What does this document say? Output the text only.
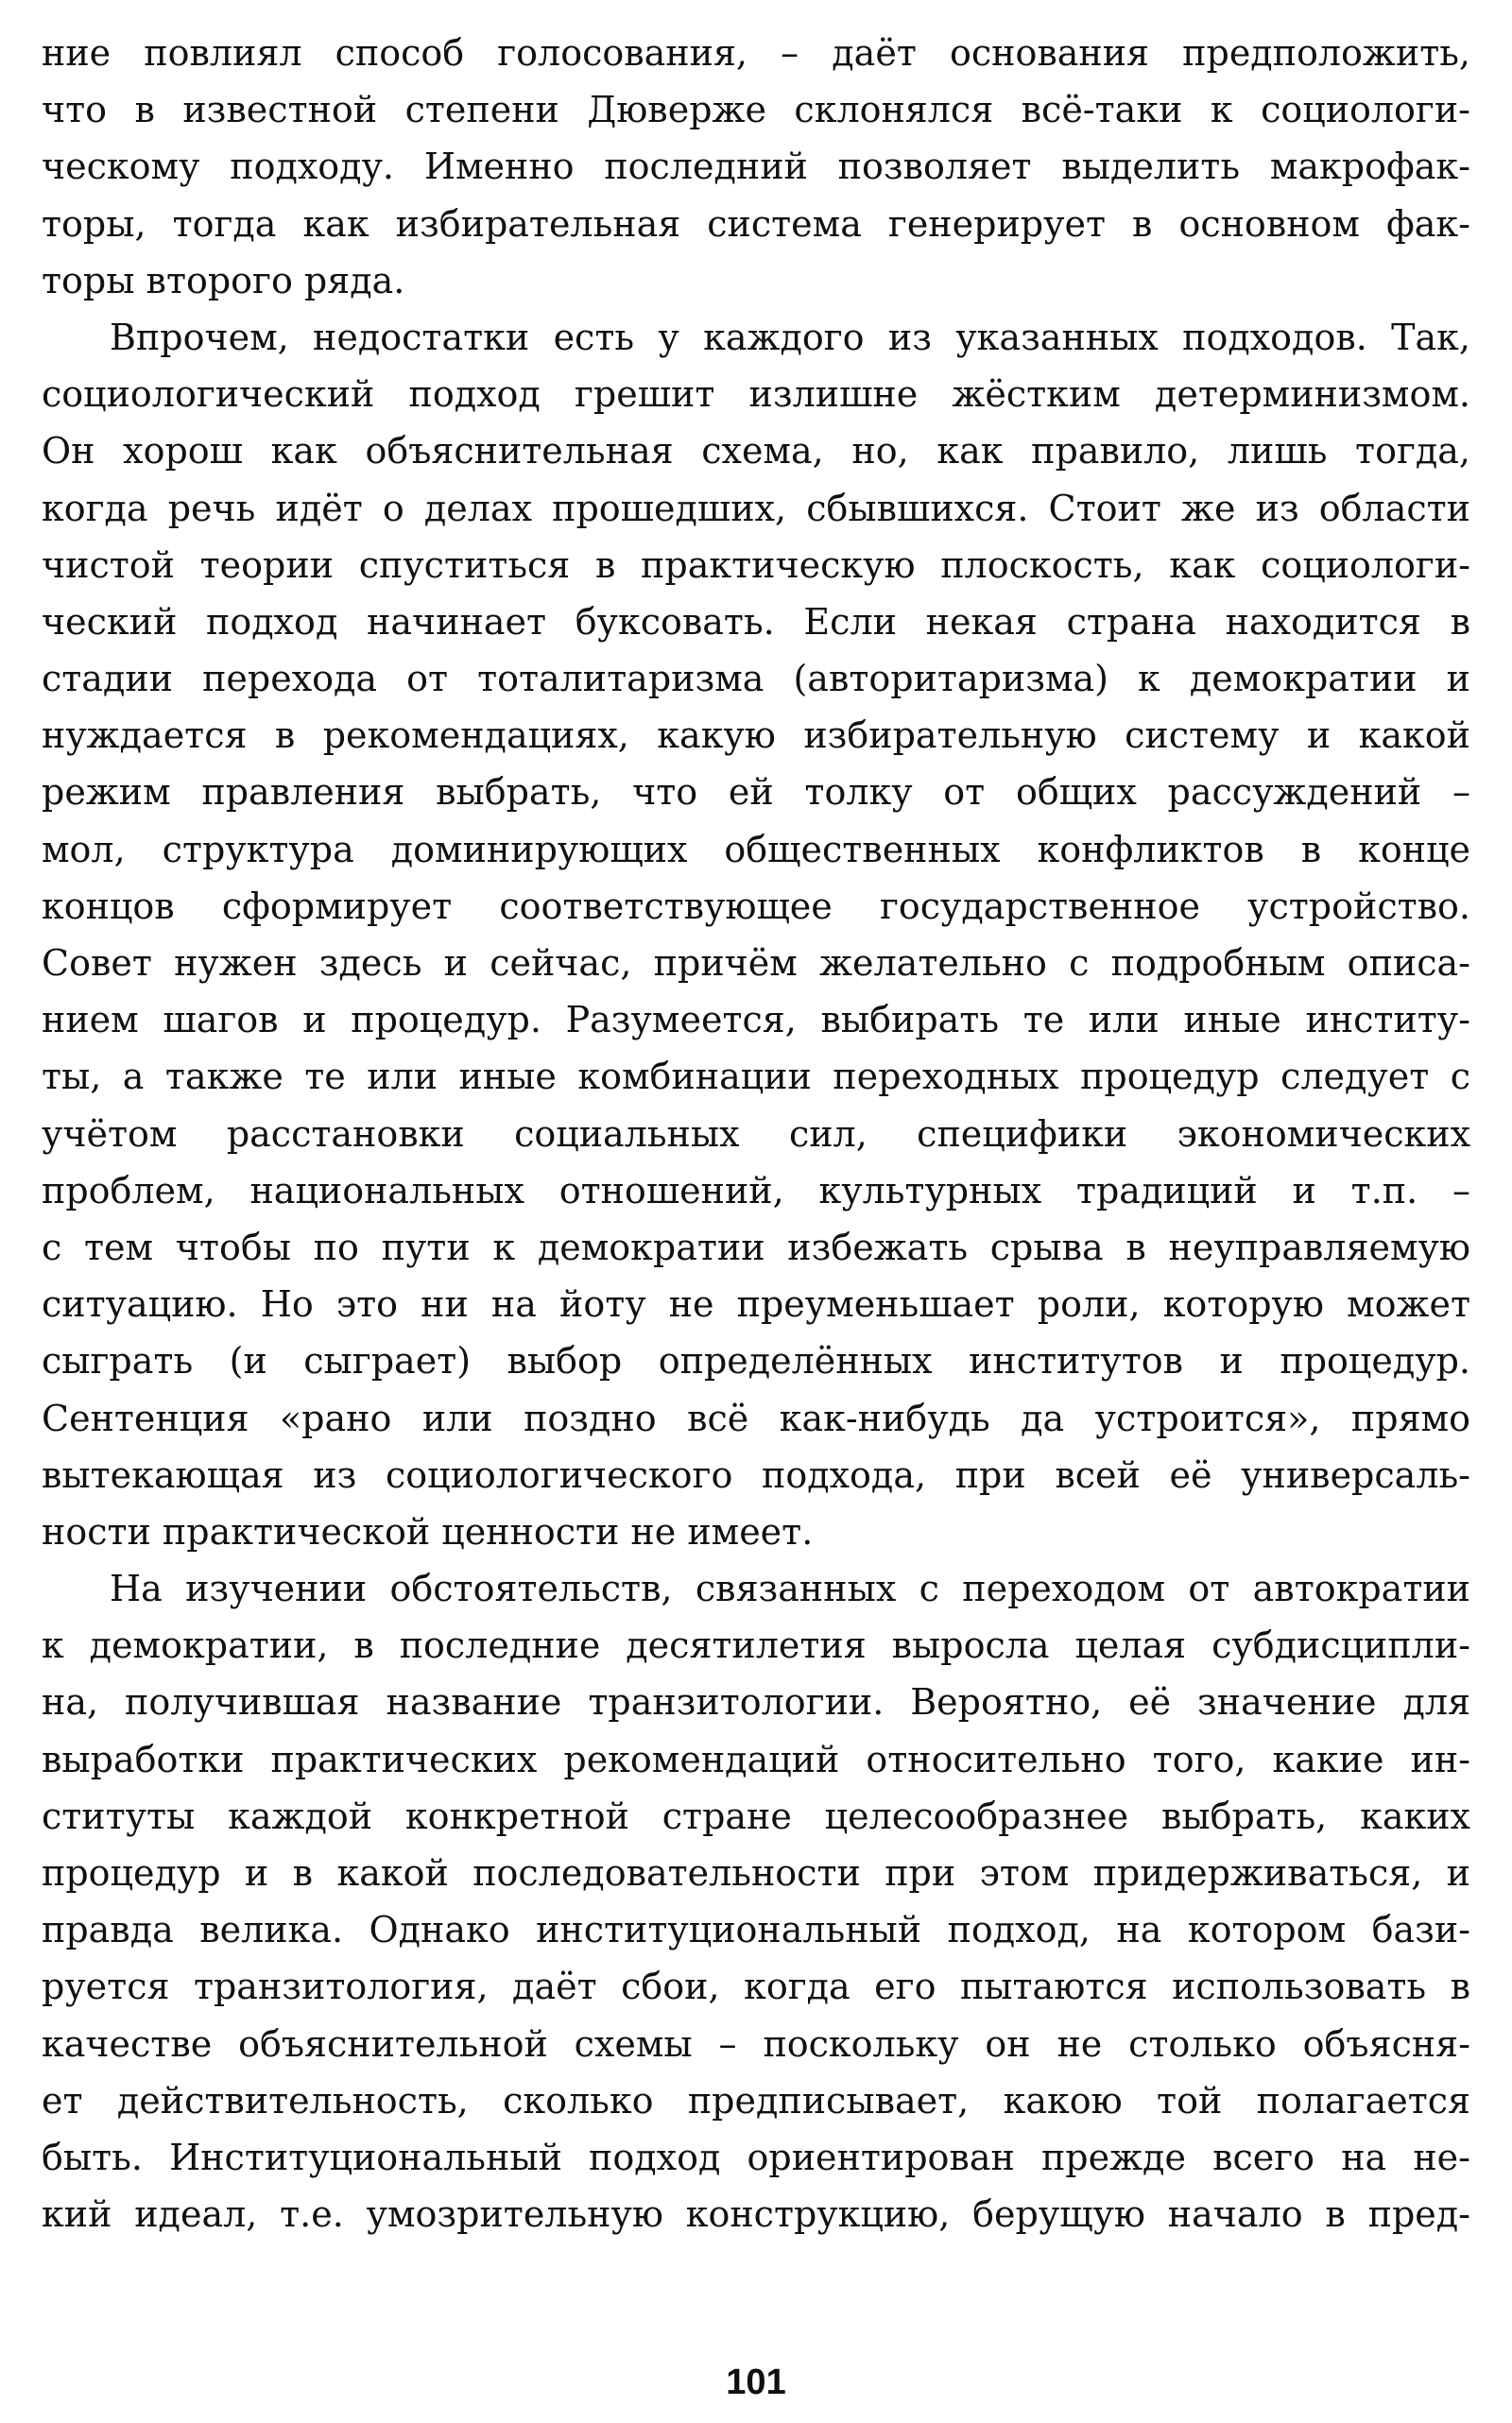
ние повлиял способ голосования, – даёт основания предположить,
что в известной степени Дюверже склонялся всё-таки к социологи-
ческому подходу. Именно последний позволяет выделить макрофак-
торы, тогда как избирательная система генерирует в основном фак-
торы второго ряда.
Впрочем, недостатки есть у каждого из указанных подходов. Так,
социологический подход грешит излишне жёстким детерминизмом.
Он хорош как объяснительная схема, но, как правило, лишь тогда,
когда речь идёт о делах прошедших, сбывшихся. Стоит же из области
чистой теории спуститься в практическую плоскость, как социологи-
ческий подход начинает буксовать. Если некая страна находится в
стадии перехода от тоталитаризма (авторитаризма) к демократии и
нуждается в рекомендациях, какую избирательную систему и какой
режим правления выбрать, что ей толку от общих рассуждений –
мол, структура доминирующих общественных конфликтов в конце
концов сформирует соответствующее государственное устройство.
Совет нужен здесь и сейчас, причём желательно с подробным описа-
нием шагов и процедур. Разумеется, выбирать те или иные институ-
ты, а также те или иные комбинации переходных процедур следует с
учётом расстановки социальных сил, специфики экономических
проблем, национальных отношений, культурных традиций и т.п. –
с тем чтобы по пути к демократии избежать срыва в неуправляемую
ситуацию. Но это ни на йоту не преуменьшает роли, которую может
сыграть (и сыграет) выбор определённых институтов и процедур.
Сентенция «рано или поздно всё как-нибудь да устроится», прямо
вытекающая из социологического подхода, при всей её универсаль-
ности практической ценности не имеет.
На изучении обстоятельств, связанных с переходом от автократии
к демократии, в последние десятилетия выросла целая субдисципли-
на, получившая название транзитологии. Вероятно, её значение для
выработки практических рекомендаций относительно того, какие ин-
ституты каждой конкретной стране целесообразнее выбрать, каких
процедур и в какой последовательности при этом придерживаться, и
правда велика. Однако институциональный подход, на котором бази-
руется транзитология, даёт сбои, когда его пытаются использовать в
качестве объяснительной схемы – поскольку он не столько объясня-
ет действительность, сколько предписывает, какою той полагается
быть. Институциональный подход ориентирован прежде всего на не-
кий идеал, т.е. умозрительную конструкцию, берущую начало в пред-
101
